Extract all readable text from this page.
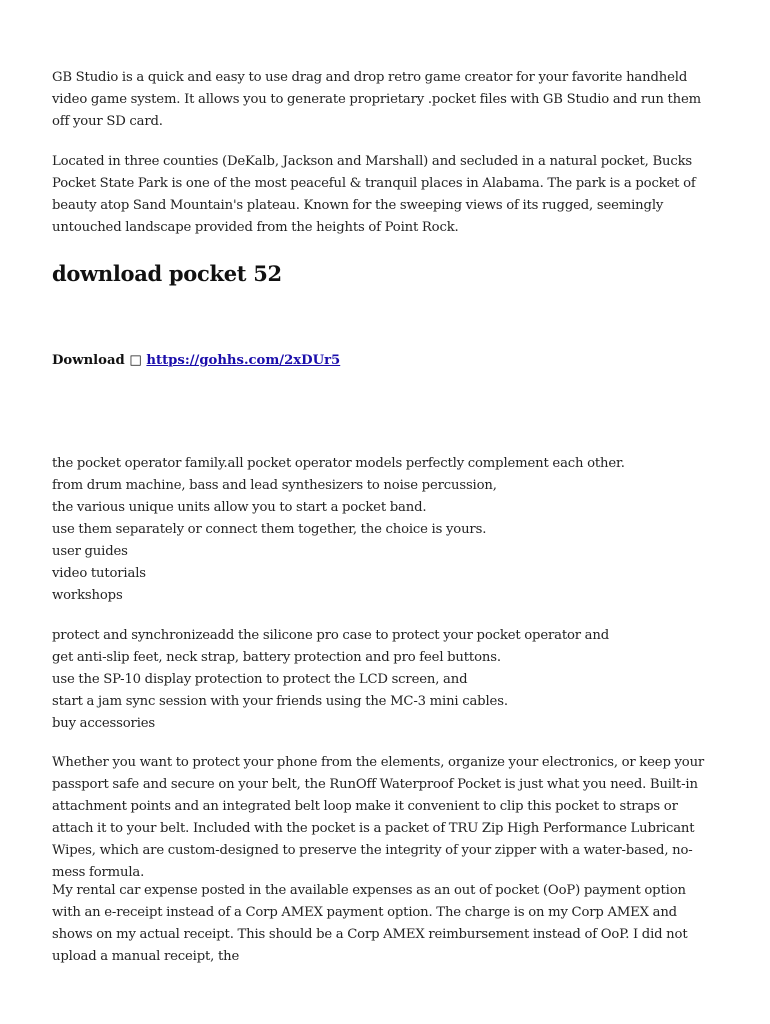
GB Studio is a quick and easy to use drag and drop retro game creator for your favorite handheld video game system. It allows you to generate proprietary .pocket files with GB Studio and run them off your SD card.

Located in three counties (DeKalb, Jackson and Marshall) and secluded in a natural pocket, Bucks Pocket State Park is one of the most peaceful & tranquil places in Alabama. The park is a pocket of beauty atop Sand Mountain's plateau. Known for the sweeping views of its rugged, seemingly untouched landscape provided from the heights of Point Rock.

download pocket 52
Download □ https://gohhs.com/2xDUr5
the pocket operator family.all pocket operator models perfectly complement each other.
from drum machine, bass and lead synthesizers to noise percussion,
the various unique units allow you to start a pocket band.
use them separately or connect them together, the choice is yours.
user guides
video tutorials
workshops
protect and synchronizeadd the silicone pro case to protect your pocket operator and
get anti-slip feet, neck strap, battery protection and pro feel buttons.
use the SP-10 display protection to protect the LCD screen, and
start a jam sync session with your friends using the MC-3 mini cables.
buy accessories

Whether you want to protect your phone from the elements, organize your electronics, or keep your passport safe and secure on your belt, the RunOff Waterproof Pocket is just what you need. Built-in attachment points and an integrated belt loop make it convenient to clip this pocket to straps or attach it to your belt. Included with the pocket is a packet of TRU Zip High Performance Lubricant Wipes, which are custom-designed to preserve the integrity of your zipper with a water-based, no-mess formula.

My rental car expense posted in the available expenses as an out of pocket (OoP) payment option with an e-receipt instead of a Corp AMEX payment option. The charge is on my Corp AMEX and shows on my actual receipt. This should be a Corp AMEX reimbursement instead of OoP. I did not upload a manual receipt, the
